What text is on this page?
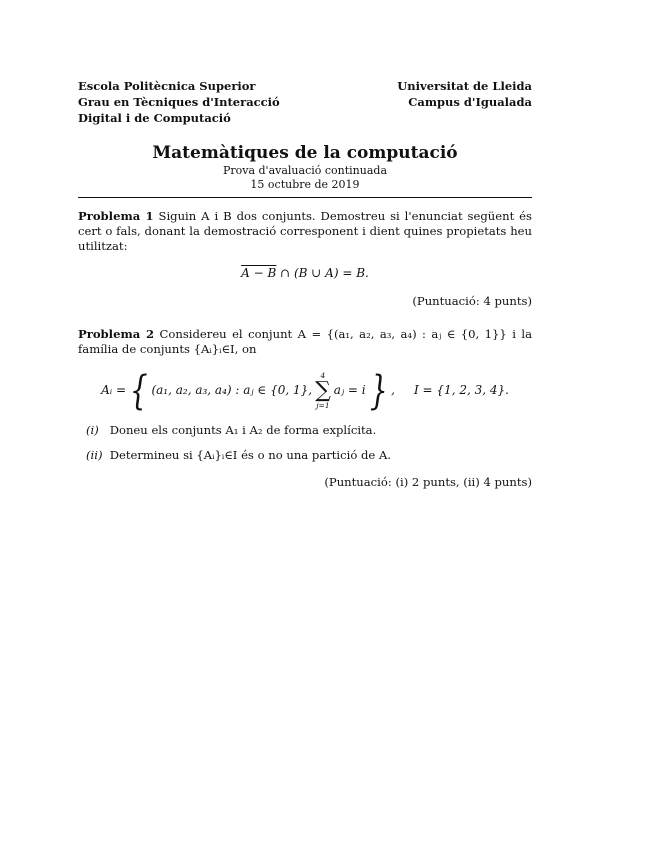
Escola Politècnica Superior
Grau en Tècniques d'Interacció
Digital i de Computació
Universitat de Lleida
Campus d'Igualada
Matemàtiques de la computació
Prova d'avaluació continuada
15 octubre de 2019
Problema 1 Siguin A i B dos conjunts. Demostreu si l'enunciat següent és cert o fals, donant la demostració corresponent i dient quines propietats heu utilitzat:
A − B ∩ (B ∪ A) = B.
(Puntuació: 4 punts)
Problema 2 Considereu el conjunt A = {(a₁, a₂, a₃, a₄) : aⱼ ∈ {0, 1}} i la família de conjunts {Aᵢ}ᵢ∈I, on
Aᵢ = { (a₁, a₂, a₃, a₄) : aⱼ ∈ {0, 1},
4
∑
j=1
aⱼ = i } ,     I = {1, 2, 3, 4}.
(i) Doneu els conjunts A₁ i A₂ de forma explícita.
(ii) Determineu si {Aᵢ}ᵢ∈I és o no una partició de A.
(Puntuació: (i) 2 punts, (ii) 4 punts)
